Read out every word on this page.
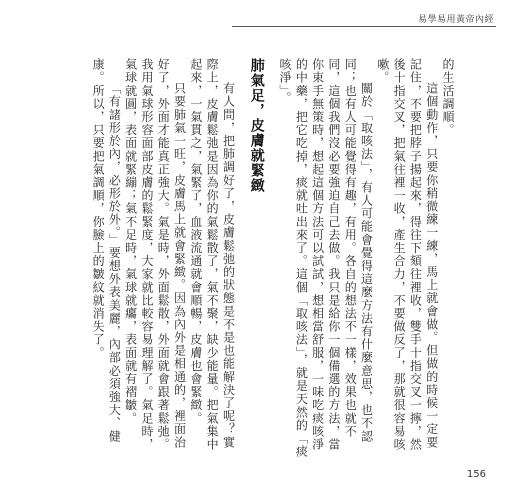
易學易用黃帝內經

的生活調順。

這個動作，只要你稍微練一練，馬上就會做。但做的時候一定要記住，不要把脖子揚起來，得往下頦往裡收，雙手十指交叉一擰，然後十指交叉，把氣往裡一收，產生合力，不要做反了，那就很容易咳嗽。

關於「取咳法」，有人可能會覺得這麼方法有什麼意思，也不認同；也有人可能覺得有趣，有用。各自的想法不一樣，效果也就不同，這個我們沒必要強迫自己去做。我只是給你一個備選的方法，當你束手無策時，想起這個方法可以試試，想相當舒服，一味吃痰咳淨的中藥，把它吃掉，痰就吐出來了。這個「取咳法」，就是天然的「痰咳淨」。

肺氣足，皮膚就緊緻

有人問，把肺調好了，皮膚鬆弛的狀態是不是也能解決了呢？實際上，皮膚鬆弛是因為你的氣鬆散了，氣不聚，缺少能量。把氣集中起來，一氣貫之，氣緊了，血液流通就會順暢，皮膚也會緊緻。

只要肺氣一旺，皮膚馬上就會緊緻。因為內外是相通的，裡面治好了，外面才能真正強大。氣是時，外面鬆散，外面就會跟著鬆弛。我用氣球形容面部皮膚的鬆緊度，大家就比較容易理解了。氣足時，氣球就圓，表面就緊繃；氣不足時，氣球就癟，表面就有褶皺。

「有諸形於內，必形於外。」要想外表美麗，內部必須強大、健康。所以，只要把氣調順，你臉上的皺紋就消失了。

156
